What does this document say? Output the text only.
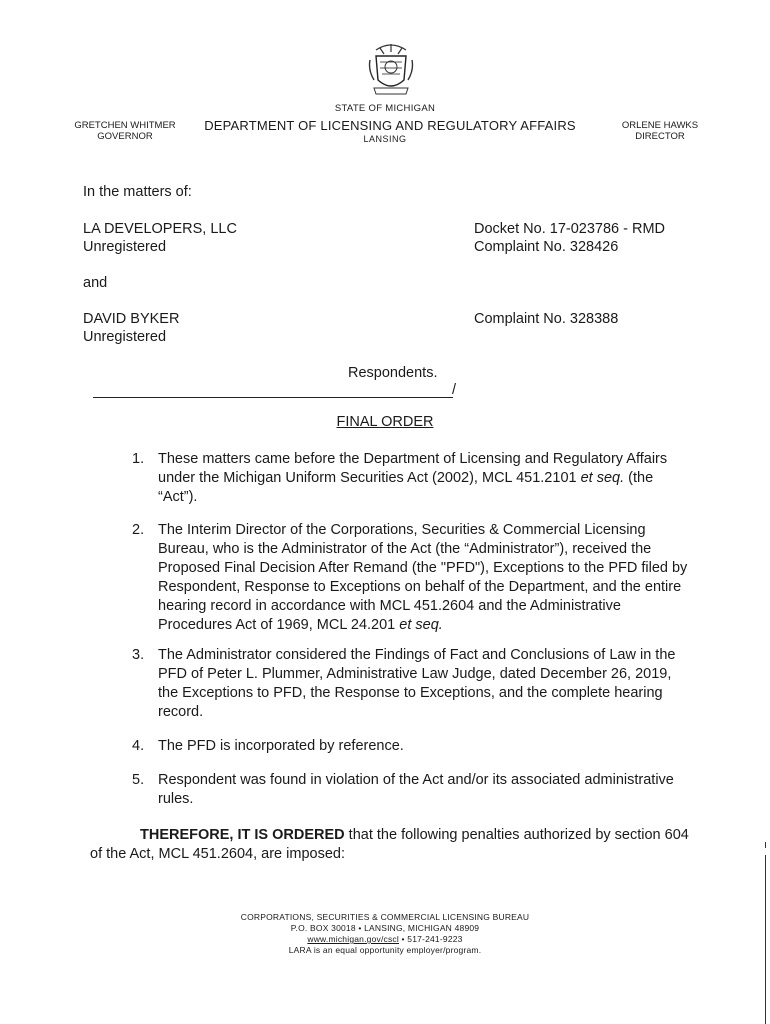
STATE OF MICHIGAN
DEPARTMENT OF LICENSING AND REGULATORY AFFAIRS
LANSING
GRETCHEN WHITMER
GOVERNOR
ORLENE HAWKS
DIRECTOR
In the matters of:
LA DEVELOPERS, LLC
Unregistered
Docket No. 17-023786 - RMD
Complaint No. 328426
and
DAVID BYKER
Unregistered
Complaint No. 328388
Respondents.
/
FINAL ORDER
1. These matters came before the Department of Licensing and Regulatory Affairs under the Michigan Uniform Securities Act (2002), MCL 451.2101 et seq. (the “Act”).
2. The Interim Director of the Corporations, Securities & Commercial Licensing Bureau, who is the Administrator of the Act (the “Administrator”), received the Proposed Final Decision After Remand (the "PFD"), Exceptions to the PFD filed by Respondent, Response to Exceptions on behalf of the Department, and the entire hearing record in accordance with MCL 451.2604 and the Administrative Procedures Act of 1969, MCL 24.201 et seq.
3. The Administrator considered the Findings of Fact and Conclusions of Law in the PFD of Peter L. Plummer, Administrative Law Judge, dated December 26, 2019, the Exceptions to PFD, the Response to Exceptions, and the complete hearing record.
4. The PFD is incorporated by reference.
5. Respondent was found in violation of the Act and/or its associated administrative rules.
THEREFORE, IT IS ORDERED that the following penalties authorized by section 604 of the Act, MCL 451.2604, are imposed:
CORPORATIONS, SECURITIES & COMMERCIAL LICENSING BUREAU
P.O. BOX 30018 • LANSING, MICHIGAN 48909
www.michigan.gov/cscl • 517-241-9223
LARA is an equal opportunity employer/program.
